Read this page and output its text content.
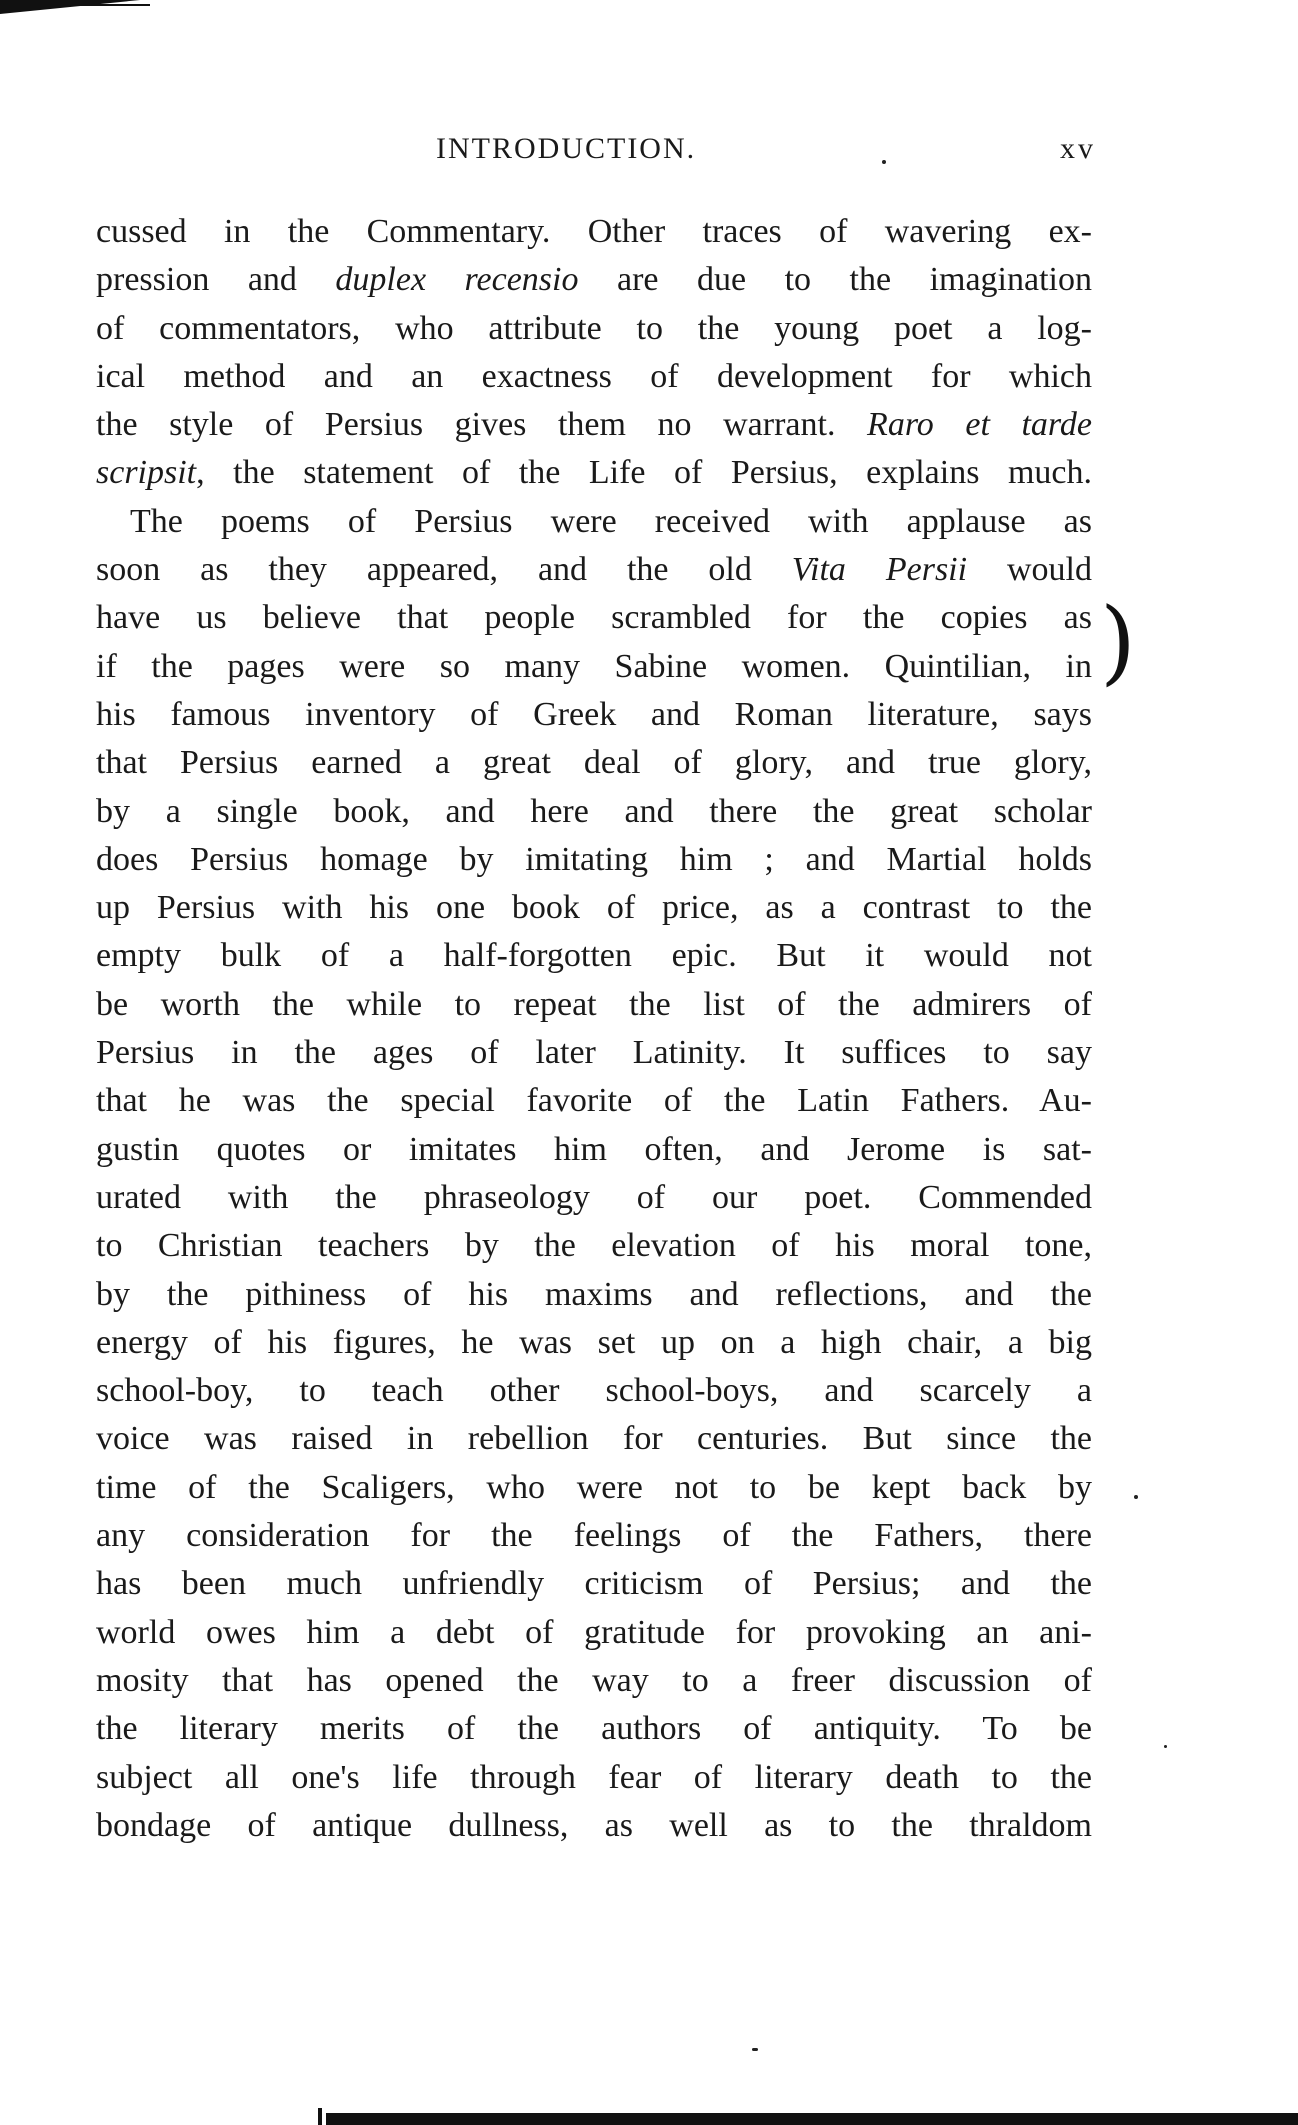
INTRODUCTION.	xv
cussed in the Commentary. Other traces of wavering ex-
pression and duplex recensio are due to the imagination
of commentators, who attribute to the young poet a log-
ical method and an exactness of development for which
the style of Persius gives them no warrant. Raro et tarde
scripsit, the statement of the Life of Persius, explains much.
The poems of Persius were received with applause as
soon as they appeared, and the old Vita Persii would
have us believe that people scrambled for the copies as
if the pages were so many Sabine women. Quintilian, in
his famous inventory of Greek and Roman literature, says
that Persius earned a great deal of glory, and true glory,
by a single book, and here and there the great scholar
does Persius homage by imitating him ; and Martial holds
up Persius with his one book of price, as a contrast to the
empty bulk of a half-forgotten epic. But it would not
be worth the while to repeat the list of the admirers of
Persius in the ages of later Latinity. It suffices to say
that he was the special favorite of the Latin Fathers. Au-
gustin quotes or imitates him often, and Jerome is sat-
urated with the phraseology of our poet. Commended
to Christian teachers by the elevation of his moral tone,
by the pithiness of his maxims and reflections, and the
energy of his figures, he was set up on a high chair, a big
school-boy, to teach other school-boys, and scarcely a
voice was raised in rebellion for centuries. But since the
time of the Scaligers, who were not to be kept back by
any consideration for the feelings of the Fathers, there
has been much unfriendly criticism of Persius; and the
world owes him a debt of gratitude for provoking an ani-
mosity that has opened the way to a freer discussion of
the literary merits of the authors of antiquity. To be
subject all one's life through fear of literary death to the
bondage of antique dullness, as well as to the thraldom
)
